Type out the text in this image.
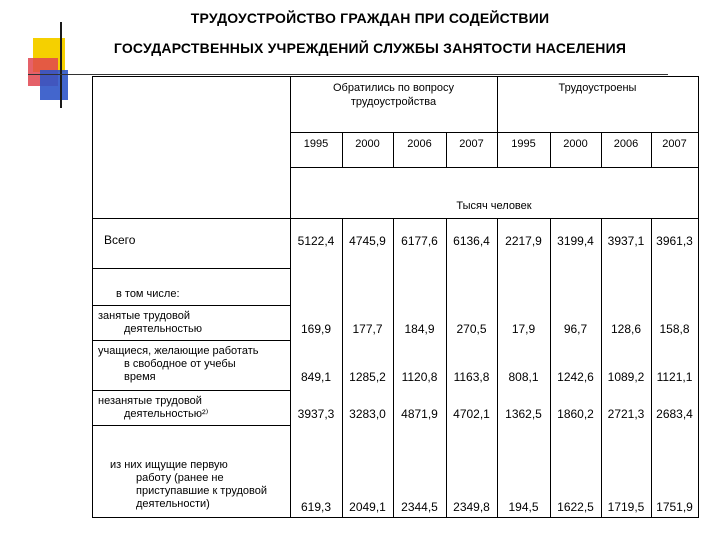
ТРУДОУСТРОЙСТВО ГРАЖДАН ПРИ СОДЕЙСТВИИ
ГОСУДАРСТВЕННЫХ УЧРЕЖДЕНИЙ СЛУЖБЫ ЗАНЯТОСТИ НАСЕЛЕНИЯ
Обратились по вопросу
трудоустройства
Трудоустроены
1995	2000	2006	2007	1995	2000	2006	2007
Тысяч человек
Всего	5122,4	4745,9	6177,6	6136,4	2217,9	3199,4	3937,1 3961,3
в том числе:
занятые трудовой
деятельностью	169,9	177,7	184,9	270,5	17,9	96,7	128,6	158,8
учащиеся, желающие работать
в свободное от учебы
время	849,1	1285,2	1120,8	1163,8	808,1	1242,6	1089,2	1121,1
незанятые трудовой
деятельностью²⁾	3937,3	3283,0	4871,9	4702,1	1362,5	1860,2	2721,3 2683,4
из них ищущие первую
работу (ранее не
приступавшие к трудовой
деятельности)	619,3	2049,1	2344,5	2349,8	194,5	1622,5	1719,5 1751,9
